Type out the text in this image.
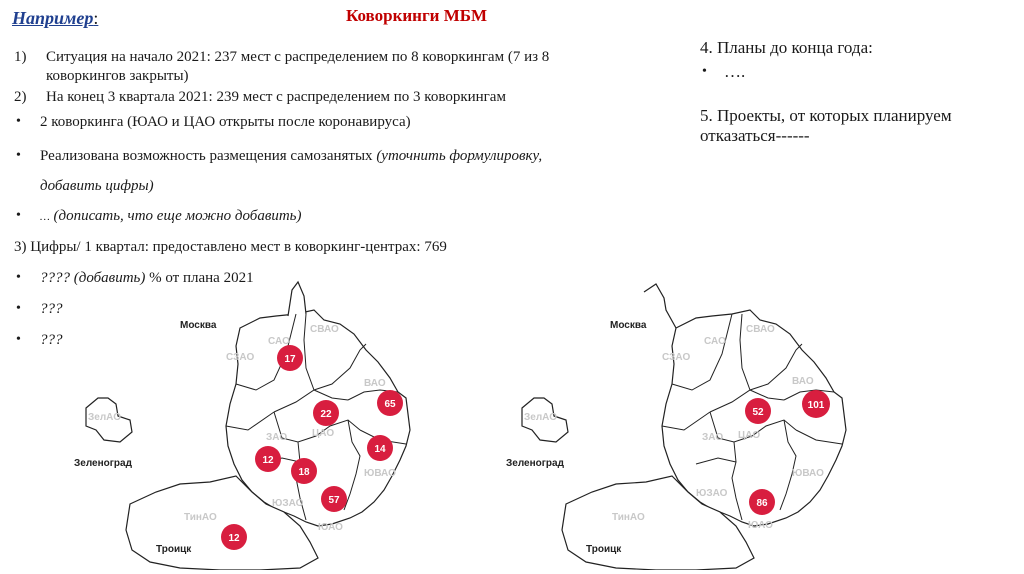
Например:	Коворкинги МБМ
1)	Ситуация на начало 2021: 237 мест с распределением по 8 коворкингам (7 из 8
коворкингов закрыты)
2)	На конец 3 квартала 2021: 239 мест с распределением по 3 коворкингам
• 2 коворкинга (ЮАО и ЦАО открыты после коронавируса)
• Реализована возможность размещения самозанятых (уточнить формулировку,
добавить цифры)
• … (дописать, что еще можно добавить)
3) Цифры/ 1 квартал: предоставлено мест в коворкинг-центрах: 769
• ???? (добавить) % от плана 2021
• ???
• ???
4. Планы до конца года:
• ….
5. Проекты, от которых планируем
отказаться------
САО
СВАО
СЗАО
ВАО
ЗАО ЦАО
ЮВАО
ЮЗАО
ЮАО
ТинАО
ЗелАО
Москва
Зеленоград
Троицк
17
65
22
12
14
18
57
12
САО
СВАО
СЗАО
ВАО
ЗАО ЦАО
ЮВАО
ЮЗАО
ЮАО
ТинАО
ЗелАО
Москва
Зеленоград
Троицк
52
101
86
